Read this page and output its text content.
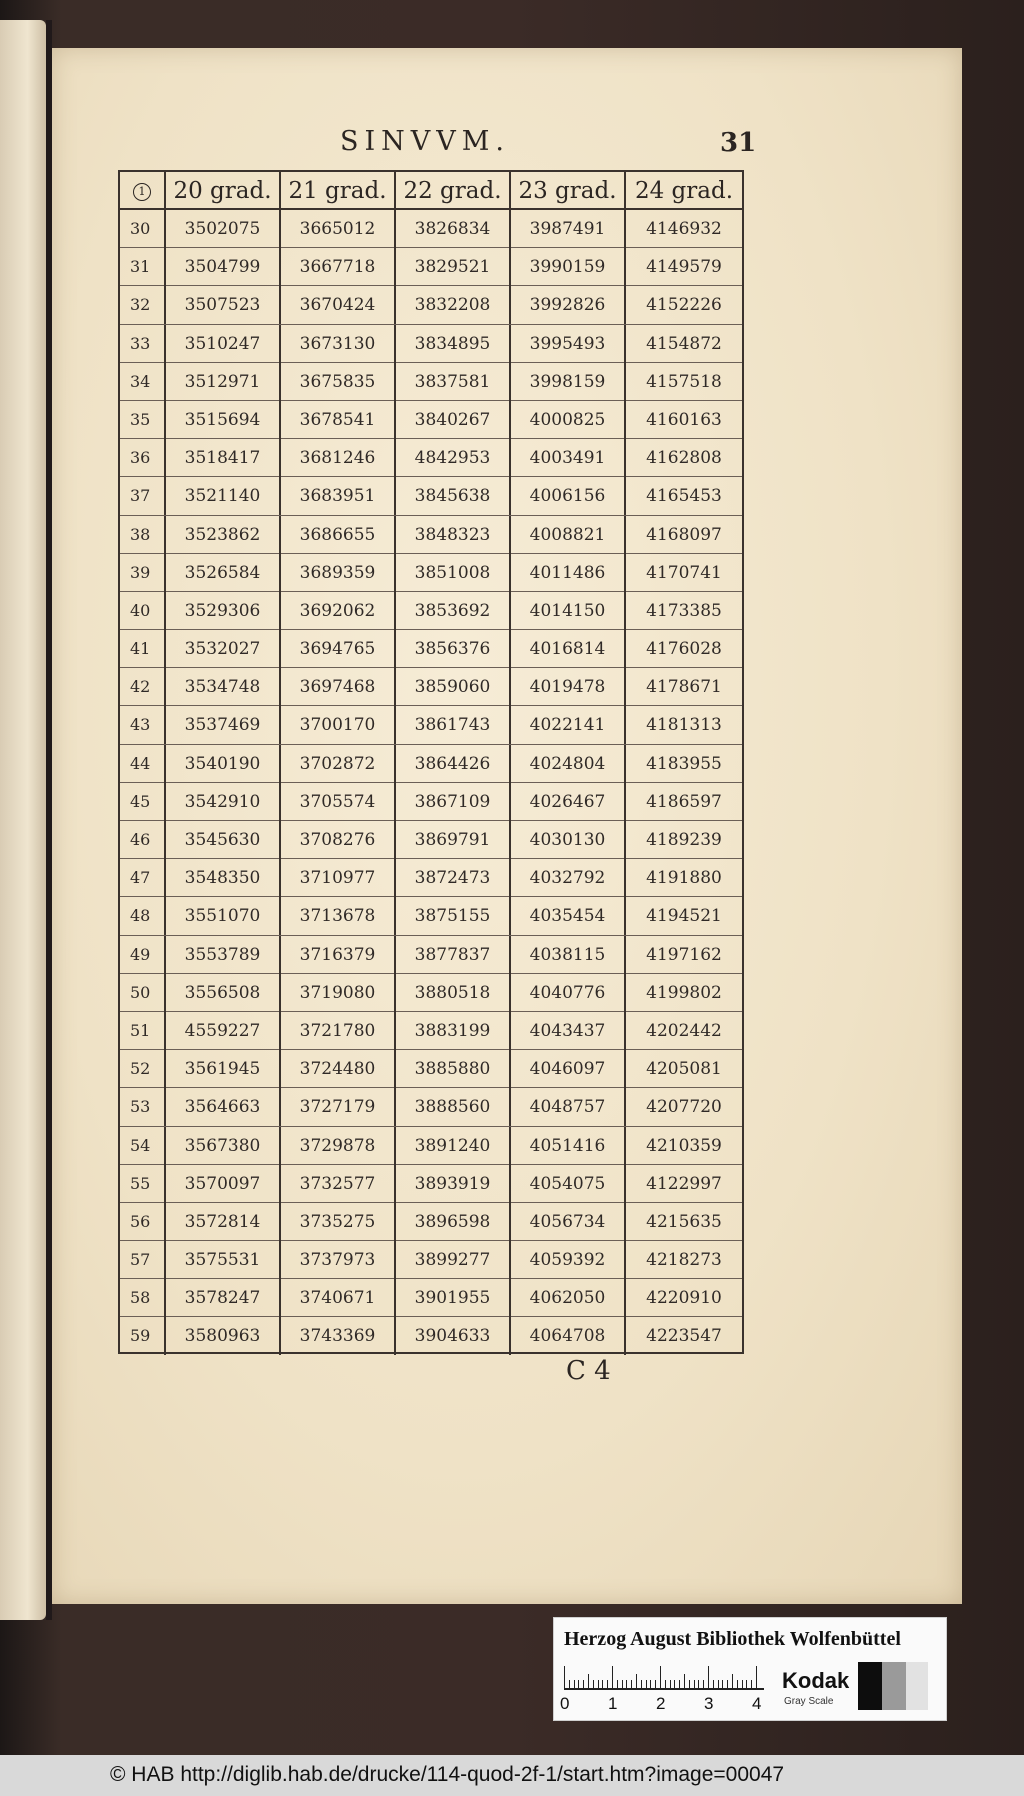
SINVVM.	31
1	20 grad. 21 grad. 22 grad. 23 grad. 24 grad.
30	3502075	3665012	3826834	3987491	4146932
31	3504799	3667718	3829521	3990159	4149579
32	3507523	3670424	3832208	3992826	4152226
33	3510247	3673130	3834895	3995493	4154872
34	3512971	3675835	3837581	3998159	4157518
35	3515694	3678541	3840267	4000825	4160163
36	3518417	3681246	4842953	4003491	4162808
37	3521140	3683951	3845638	4006156	4165453
38	3523862	3686655	3848323	4008821	4168097
39	3526584	3689359	3851008	4011486	4170741
40	3529306	3692062	3853692	4014150	4173385
41	3532027	3694765	3856376	4016814	4176028
42	3534748	3697468	3859060	4019478	4178671
43	3537469	3700170	3861743	4022141	4181313
44	3540190	3702872	3864426	4024804	4183955
45	3542910	3705574	3867109	4026467	4186597
46	3545630	3708276	3869791	4030130	4189239
47	3548350	3710977	3872473	4032792	4191880
48	3551070	3713678	3875155	4035454	4194521
49	3553789	3716379	3877837	4038115	4197162
50	3556508	3719080	3880518	4040776	4199802
51	4559227	3721780	3883199	4043437	4202442
52	3561945	3724480	3885880	4046097	4205081
53	3564663	3727179	3888560	4048757	4207720
54	3567380	3729878	3891240	4051416	4210359
55	3570097	3732577	3893919	4054075	4122997
56	3572814	3735275	3896598	4056734	4215635
57	3575531	3737973	3899277	4059392	4218273
58	3578247	3740671	3901955	4062050	4220910
59	3580963	3743369	3904633	4064708	4223547
C 4
Herzog August Bibliothek Wolfenbüttel
0 1 2 3 4
Kodak
Gray Scale
© HAB http://diglib.hab.de/drucke/114-quod-2f-1/start.htm?image=00047
